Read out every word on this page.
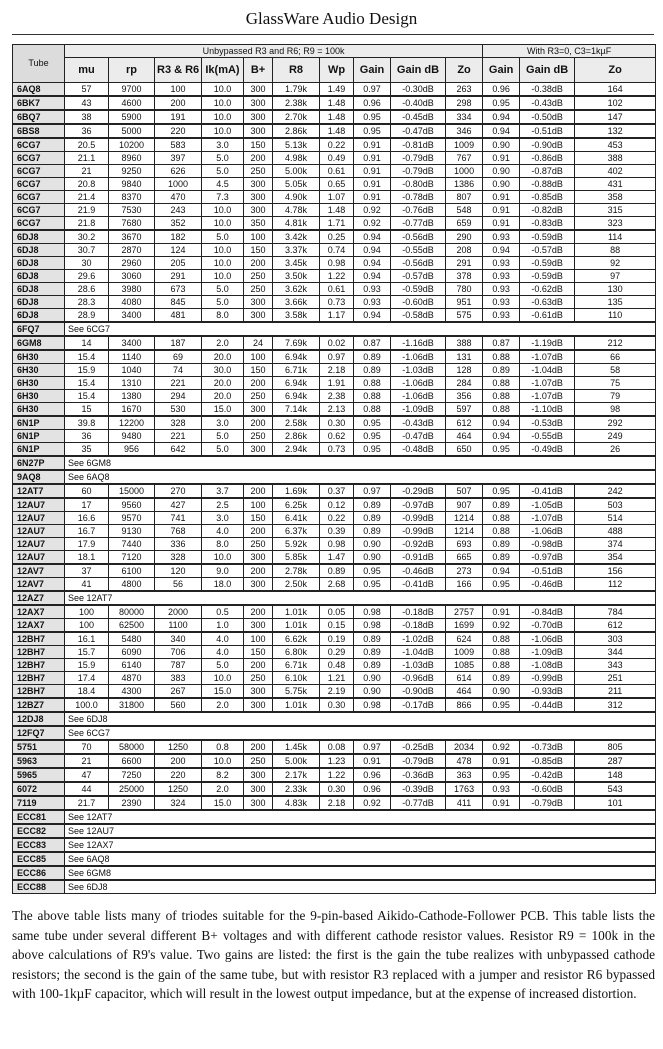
GlassWare Audio Design
Tube	Unbypassed R3 and R6; R9 = 100k										With R3=0, C3=1kµF		
	mu	rp	R3 & R6	Ik(mA)	B+	R8	Wp	Gain	Gain dB	Zo	Gain	Gain dB	Zo
6AQ8	57	9700	100	10.0	300	1.79k	1.49	0.97	-0.30dB	263	0.96	-0.38dB	164
6BK7	43	4600	200	10.0	300	2.38k	1.48	0.96	-0.40dB	298	0.95	-0.43dB	102
6BQ7	38	5900	191	10.0	300	2.70k	1.48	0.95	-0.45dB	334	0.94	-0.50dB	147
6BS8	36	5000	220	10.0	300	2.86k	1.48	0.95	-0.47dB	346	0.94	-0.51dB	132
6CG7	20.5	10200	583	3.0	150	5.13k	0.22	0.91	-0.81dB	1009	0.90	-0.90dB	453
6CG7	21.1	8960	397	5.0	200	4.98k	0.49	0.91	-0.79dB	767	0.91	-0.86dB	388
6CG7	21	9250	626	5.0	250	5.00k	0.61	0.91	-0.79dB	1000	0.90	-0.87dB	402
6CG7	20.8	9840	1000	4.5	300	5.05k	0.65	0.91	-0.80dB	1386	0.90	-0.88dB	431
6CG7	21.4	8370	470	7.3	300	4.90k	1.07	0.91	-0.78dB	807	0.91	-0.85dB	358
6CG7	21.9	7530	243	10.0	300	4.78k	1.48	0.92	-0.76dB	548	0.91	-0.82dB	315
6CG7	21.8	7680	352	10.0	350	4.81k	1.71	0.92	-0.77dB	659	0.91	-0.83dB	323
6DJ8	30.2	3670	182	5.0	100	3.42k	0.25	0.94	-0.56dB	290	0.93	-0.59dB	114
6DJ8	30.7	2870	124	10.0	150	3.37k	0.74	0.94	-0.55dB	208	0.94	-0.57dB	88
6DJ8	30	2960	205	10.0	200	3.45k	0.98	0.94	-0.56dB	291	0.93	-0.59dB	92
6DJ8	29.6	3060	291	10.0	250	3.50k	1.22	0.94	-0.57dB	378	0.93	-0.59dB	97
6DJ8	28.6	3980	673	5.0	250	3.62k	0.61	0.93	-0.59dB	780	0.93	-0.62dB	130
6DJ8	28.3	4080	845	5.0	300	3.66k	0.73	0.93	-0.60dB	951	0.93	-0.63dB	135
6DJ8	28.9	3400	481	8.0	300	3.58k	1.17	0.94	-0.58dB	575	0.93	-0.61dB	110
6FQ7	See 6CG7												
6GM8	14	3400	187	2.0	24	7.69k	0.02	0.87	-1.16dB	388	0.87	-1.19dB	212
6H30	15.4	1140	69	20.0	100	6.94k	0.97	0.89	-1.06dB	131	0.88	-1.07dB	66
6H30	15.9	1040	74	30.0	150	6.71k	2.18	0.89	-1.03dB	128	0.89	-1.04dB	58
6H30	15.4	1310	221	20.0	200	6.94k	1.91	0.88	-1.06dB	284	0.88	-1.07dB	75
6H30	15.4	1380	294	20.0	250	6.94k	2.38	0.88	-1.06dB	356	0.88	-1.07dB	79
6H30	15	1670	530	15.0	300	7.14k	2.13	0.88	-1.09dB	597	0.88	-1.10dB	98
6N1P	39.8	12200	328	3.0	200	2.58k	0.30	0.95	-0.43dB	612	0.94	-0.53dB	292
6N1P	36	9480	221	5.0	250	2.86k	0.62	0.95	-0.47dB	464	0.94	-0.55dB	249
6N1P	35	956	642	5.0	300	2.94k	0.73	0.95	-0.48dB	650	0.95	-0.49dB	26
6N27P	See 6GM8												
9AQ8	See 6AQ8												
12AT7	60	15000	270	3.7	200	1.69k	0.37	0.97	-0.29dB	507	0.95	-0.41dB	242
12AU7	17	9560	427	2.5	100	6.25k	0.12	0.89	-0.97dB	907	0.89	-1.05dB	503
12AU7	16.6	9570	741	3.0	150	6.41k	0.22	0.89	-0.99dB	1214	0.88	-1.07dB	514
12AU7	16.7	9130	768	4.0	200	6.37k	0.39	0.89	-0.99dB	1214	0.88	-1.06dB	488
12AU7	17.9	7440	336	8.0	250	5.92k	0.98	0.90	-0.92dB	693	0.89	-0.98dB	374
12AU7	18.1	7120	328	10.0	300	5.85k	1.47	0.90	-0.91dB	665	0.89	-0.97dB	354
12AV7	37	6100	120	9.0	200	2.78k	0.89	0.95	-0.46dB	273	0.94	-0.51dB	156
12AV7	41	4800	56	18.0	300	2.50k	2.68	0.95	-0.41dB	166	0.95	-0.46dB	112
12AZ7	See 12AT7												
12AX7	100	80000	2000	0.5	200	1.01k	0.05	0.98	-0.18dB	2757	0.91	-0.84dB	784
12AX7	100	62500	1100	1.0	300	1.01k	0.15	0.98	-0.18dB	1699	0.92	-0.70dB	612
12BH7	16.1	5480	340	4.0	100	6.62k	0.19	0.89	-1.02dB	624	0.88	-1.06dB	303
12BH7	15.7	6090	706	4.0	150	6.80k	0.29	0.89	-1.04dB	1009	0.88	-1.09dB	344
12BH7	15.9	6140	787	5.0	200	6.71k	0.48	0.89	-1.03dB	1085	0.88	-1.08dB	343
12BH7	17.4	4870	383	10.0	250	6.10k	1.21	0.90	-0.96dB	614	0.89	-0.99dB	251
12BH7	18.4	4300	267	15.0	300	5.75k	2.19	0.90	-0.90dB	464	0.90	-0.93dB	211
12BZ7	100.0	31800	560	2.0	300	1.01k	0.30	0.98	-0.17dB	866	0.95	-0.44dB	312
12DJ8	See 6DJ8												
12FQ7	See 6CG7												
5751	70	58000	1250	0.8	200	1.45k	0.08	0.97	-0.25dB	2034	0.92	-0.73dB	805
5963	21	6600	200	10.0	250	5.00k	1.23	0.91	-0.79dB	478	0.91	-0.85dB	287
5965	47	7250	220	8.2	300	2.17k	1.22	0.96	-0.36dB	363	0.95	-0.42dB	148
6072	44	25000	1250	2.0	300	2.33k	0.30	0.96	-0.39dB	1763	0.93	-0.60dB	543
7119	21.7	2390	324	15.0	300	4.83k	2.18	0.92	-0.77dB	411	0.91	-0.79dB	101
ECC81	See 12AT7												
ECC82	See 12AU7												
ECC83	See 12AX7												
ECC85	See 6AQ8												
ECC86	See 6GM8												
ECC88	See 6DJ8												

The above table lists many of triodes suitable for the 9-pin-based Aikido-Cathode-Follower PCB. This table lists the same tube under several different B+ voltages and with different cathode resistor values. Resistor R9 = 100k in the above calculations of R9's value. Two gains are listed: the first is the gain the tube realizes with unbypassed cathode resistors; the second is the gain of the same tube, but with resistor R3 replaced with a jumper and resistor R6 bypassed with 100-1kµF capacitor, which will result in the lowest output impedance, but at the expense of increased distortion.
